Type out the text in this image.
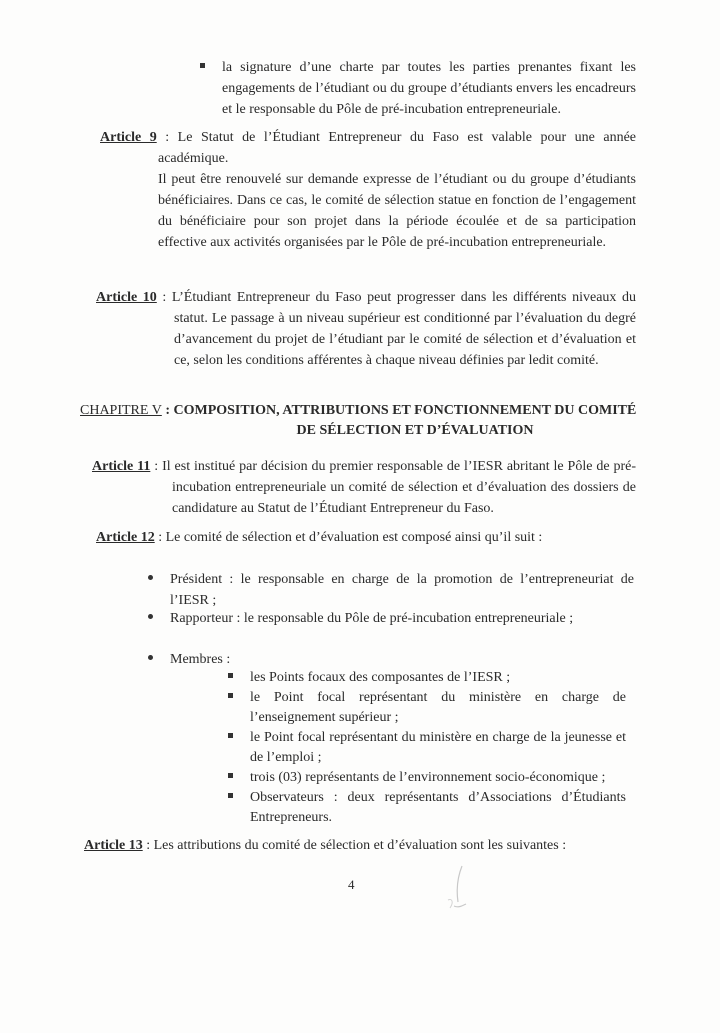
la signature d’une charte par toutes les parties prenantes fixant les engagements de l’étudiant ou du groupe d’étudiants envers les encadreurs et le responsable du Pôle de pré-incubation entrepreneuriale.

Article 9 : Le Statut de l’Étudiant Entrepreneur du Faso est valable pour une année académique.

Il peut être renouvelé sur demande expresse de l’étudiant ou du groupe d’étudiants bénéficiaires. Dans ce cas, le comité de sélection statue en fonction de l’engagement du bénéficiaire pour son projet dans la période écoulée et de sa participation effective aux activités organisées par le Pôle de pré-incubation entrepreneuriale.

Article 10 : L’Étudiant Entrepreneur du Faso peut progresser dans les différents niveaux du statut. Le passage à un niveau supérieur est conditionné par l’évaluation du degré d’avancement du projet de l’étudiant par le comité de sélection et d’évaluation et ce, selon les conditions afférentes à chaque niveau définies par ledit comité.

CHAPITRE V : COMPOSITION, ATTRIBUTIONS ET FONCTIONNEMENT DU COMITÉ
DE SÉLECTION ET D’ÉVALUATION

Article 11 : Il est institué par décision du premier responsable de l’IESR abritant le Pôle de pré-incubation entrepreneuriale un comité de sélection et d’évaluation des dossiers de candidature au Statut de l’Étudiant Entrepreneur du Faso.

Article 12 : Le comité de sélection et d’évaluation est composé ainsi qu’il suit :

Président : le responsable en charge de la promotion de l’entrepreneuriat de l’IESR ;

Rapporteur : le responsable du Pôle de pré-incubation entrepreneuriale ;

Membres :

les Points focaux des composantes de l’IESR ;

le Point focal représentant du ministère en charge de l’enseignement supérieur ;

le Point focal représentant du ministère en charge de la jeunesse et de l’emploi ;

trois (03) représentants de l’environnement socio-économique ;

Observateurs : deux représentants d’Associations d’Étudiants Entrepreneurs.

Article 13 : Les attributions du comité de sélection et d’évaluation sont les suivantes :

4
